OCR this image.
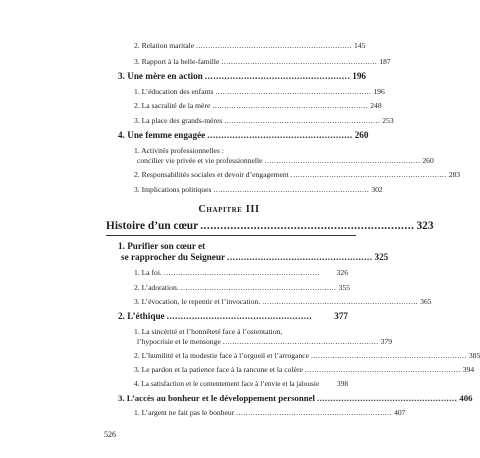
2. Relation maritale ................................................................. 145
3. Rapport à la belle-famille ................................................................. 187
3. Une mère en action .................................................... 196
1. L’éducation des enfants ................................................................. 196
2. La sacralité de la mère ................................................................. 248
3. La place des grands-mères ................................................................. 253
4. Une femme engagée .................................................... 260
1. Activités professionnelles :
concilier vie privée et vie professionnelle ................................................................. 260
2. Responsabilités sociales et devoir d’engagement ................................................................. 283
3. Implications politiques ................................................................. 302
Chapitre III
Histoire d’un cœur ................................................................ 323
1. Purifier son cœur et
se rapprocher du Seigneur .................................................... 325
1. La foi. .................................................................	326
2. L’adoration. ................................................................. 355
3. L’évocation, le repentir et l’invocation. ................................................................. 365
2. L’éthique ....................................................	377
1. La sincérité et l’honnêteté face à l’ostentation,
l’hypocrisie et le mensonge ................................................................. 379
2. L’humilité et la modestie face à l’orgueil et l’arrogance ................................................................. 385
3. Le pardon et la patience face à la rancune et la colère ................................................................. 394
4. La satisfaction et le contentement face à l’envie et la jalousie 398
3. L’accès au bonheur et le développement personnel .................................................... 406
1. L’argent ne fait pas le bonheur ................................................................. 407
526
